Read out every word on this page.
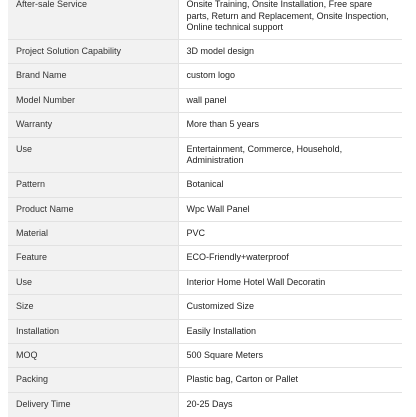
After-sale Service	Onsite Training, Onsite Installation, Free spare parts, Return and Replacement, Onsite Inspection, Online technical support
Project Solution Capability	3D model design
Brand Name	custom logo
Model Number	wall panel
Warranty	More than 5 years
Use	Entertainment, Commerce, Household, Administration
Pattern	Botanical
Product Name	Wpc Wall Panel
Material	PVC
Feature	ECO-Friendly+waterproof
Use	Interior Home Hotel Wall Decoratin
Size	Customized Size
Installation	Easily Installation
MOQ	500 Square Meters
Packing	Plastic bag, Carton or Pallet
Delivery Time	20-25 Days
